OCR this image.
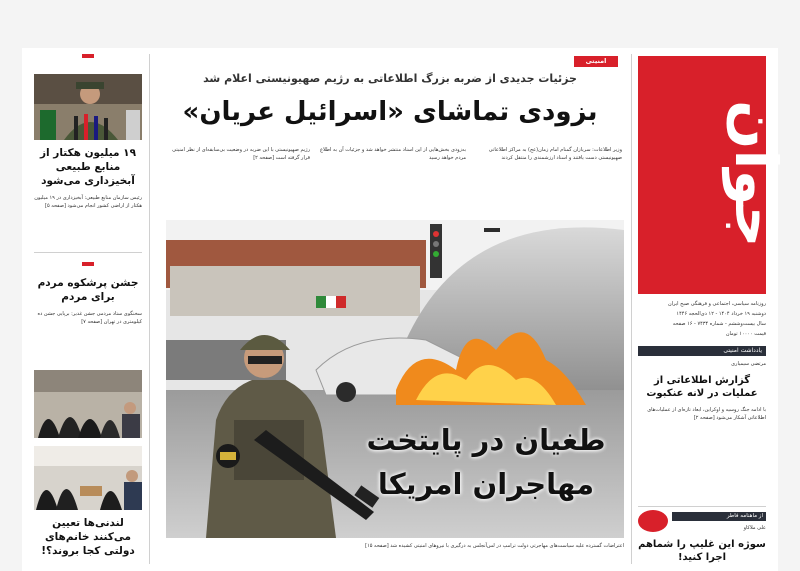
۱۹ میلیون هکتار از منابع طبیعی آبخیزداری می‌شود
رئیس سازمان منابع طبیعی: آبخیزداری در ۱۹ میلیون هکتار از اراضی کشور انجام می‌شود [صفحه ۵]
جشن پرشکوه مردم برای مردم
سخنگوی ستاد مردمی جشن غدیر: برپایی جشن ده کیلومتری در تهران [صفحه ۷]
لندنی‌ها تعیین می‌کنند خانم‌های دولتی کجا بروند؟!
امنیتی
جزئیات جدیدی از ضربه بزرگ اطلاعاتی به رژیم صهیونیستی اعلام شد
بزودی تماشای «اسرائیل عریان»
وزیر اطلاعات: سربازان گمنام امام زمان(عج) به مراکز اطلاعاتی صهیونیستی دست یافتند و اسناد ارزشمندی را منتقل کردند
به‌زودی بخش‌هایی از این اسناد منتشر خواهد شد و جزئیات آن به اطلاع مردم خواهد رسید
رژیم صهیونیستی با این ضربه در وضعیت بی‌سابقه‌ای از نظر امنیتی قرار گرفته است [صفحه ۲]
طغیان در پایتخت
مهاجران امریکا
اعتراضات گسترده علیه سیاست‌های مهاجرتی دولت ترامپ در لس‌آنجلس به درگیری با نیروهای امنیتی کشیده شد [صفحه ۱۵]
جوان
روزنامه سیاسی، اجتماعی و فرهنگی صبح ایران
دوشنبه ۱۹ خرداد ۱۴۰۴ - ۱۲ ذی‌الحجه ۱۴۴۶
سال بیست‌وششم - شماره ۷۴۳۴ - ۱۶ صفحه
قیمت ۱۰۰۰۰ تومان
یادداشت امنیتی
مرتضی سیمیاری
گزارش اطلاعاتی از عملیات در لانه عنکبوت
با ادامه جنگ روسیه و اوکراین، ابعاد تازه‌ای از عملیات‌های اطلاعاتی آشکار می‌شود [صفحه ۲]
از ماهنامه فاطر
علی ملاکاو
سوژه این غلیپ را شماهم اجرا کنید!
